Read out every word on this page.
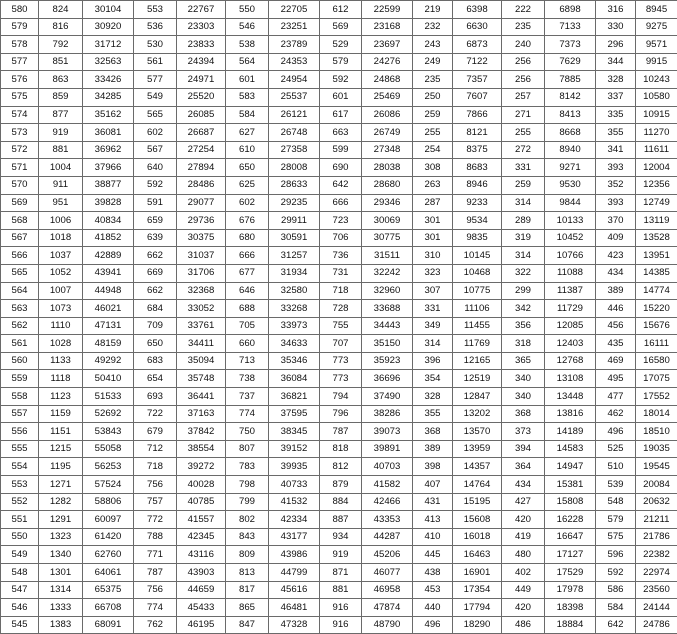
580	824	30104	553	22767	550	22705	612	22599	219	6398	222	6898	316	8945
579	816	30920	536	23303	546	23251	569	23168	232	6630	235	7133	330	9275
578	792	31712	530	23833	538	23789	529	23697	243	6873	240	7373	296	9571
577	851	32563	561	24394	564	24353	579	24276	249	7122	256	7629	344	9915
576	863	33426	577	24971	601	24954	592	24868	235	7357	256	7885	328	10243
575	859	34285	549	25520	583	25537	601	25469	250	7607	257	8142	337	10580
574	877	35162	565	26085	584	26121	617	26086	259	7866	271	8413	335	10915
573	919	36081	602	26687	627	26748	663	26749	255	8121	255	8668	355	11270
572	881	36962	567	27254	610	27358	599	27348	254	8375	272	8940	341	11611
571	1004	37966	640	27894	650	28008	690	28038	308	8683	331	9271	393	12004
570	911	38877	592	28486	625	28633	642	28680	263	8946	259	9530	352	12356
569	951	39828	591	29077	602	29235	666	29346	287	9233	314	9844	393	12749
568	1006	40834	659	29736	676	29911	723	30069	301	9534	289	10133	370	13119
567	1018	41852	639	30375	680	30591	706	30775	301	9835	319	10452	409	13528
566	1037	42889	662	31037	666	31257	736	31511	310	10145	314	10766	423	13951
565	1052	43941	669	31706	677	31934	731	32242	323	10468	322	11088	434	14385
564	1007	44948	662	32368	646	32580	718	32960	307	10775	299	11387	389	14774
563	1073	46021	684	33052	688	33268	728	33688	331	11106	342	11729	446	15220
562	1110	47131	709	33761	705	33973	755	34443	349	11455	356	12085	456	15676
561	1028	48159	650	34411	660	34633	707	35150	314	11769	318	12403	435	16111
560	1133	49292	683	35094	713	35346	773	35923	396	12165	365	12768	469	16580
559	1118	50410	654	35748	738	36084	773	36696	354	12519	340	13108	495	17075
558	1123	51533	693	36441	737	36821	794	37490	328	12847	340	13448	477	17552
557	1159	52692	722	37163	774	37595	796	38286	355	13202	368	13816	462	18014
556	1151	53843	679	37842	750	38345	787	39073	368	13570	373	14189	496	18510
555	1215	55058	712	38554	807	39152	818	39891	389	13959	394	14583	525	19035
554	1195	56253	718	39272	783	39935	812	40703	398	14357	364	14947	510	19545
553	1271	57524	756	40028	798	40733	879	41582	407	14764	434	15381	539	20084
552	1282	58806	757	40785	799	41532	884	42466	431	15195	427	15808	548	20632
551	1291	60097	772	41557	802	42334	887	43353	413	15608	420	16228	579	21211
550	1323	61420	788	42345	843	43177	934	44287	410	16018	419	16647	575	21786
549	1340	62760	771	43116	809	43986	919	45206	445	16463	480	17127	596	22382
548	1301	64061	787	43903	813	44799	871	46077	438	16901	402	17529	592	22974
547	1314	65375	756	44659	817	45616	881	46958	453	17354	449	17978	586	23560
546	1333	66708	774	45433	865	46481	916	47874	440	17794	420	18398	584	24144
545	1383	68091	762	46195	847	47328	916	48790	496	18290	486	18884	642	24786
